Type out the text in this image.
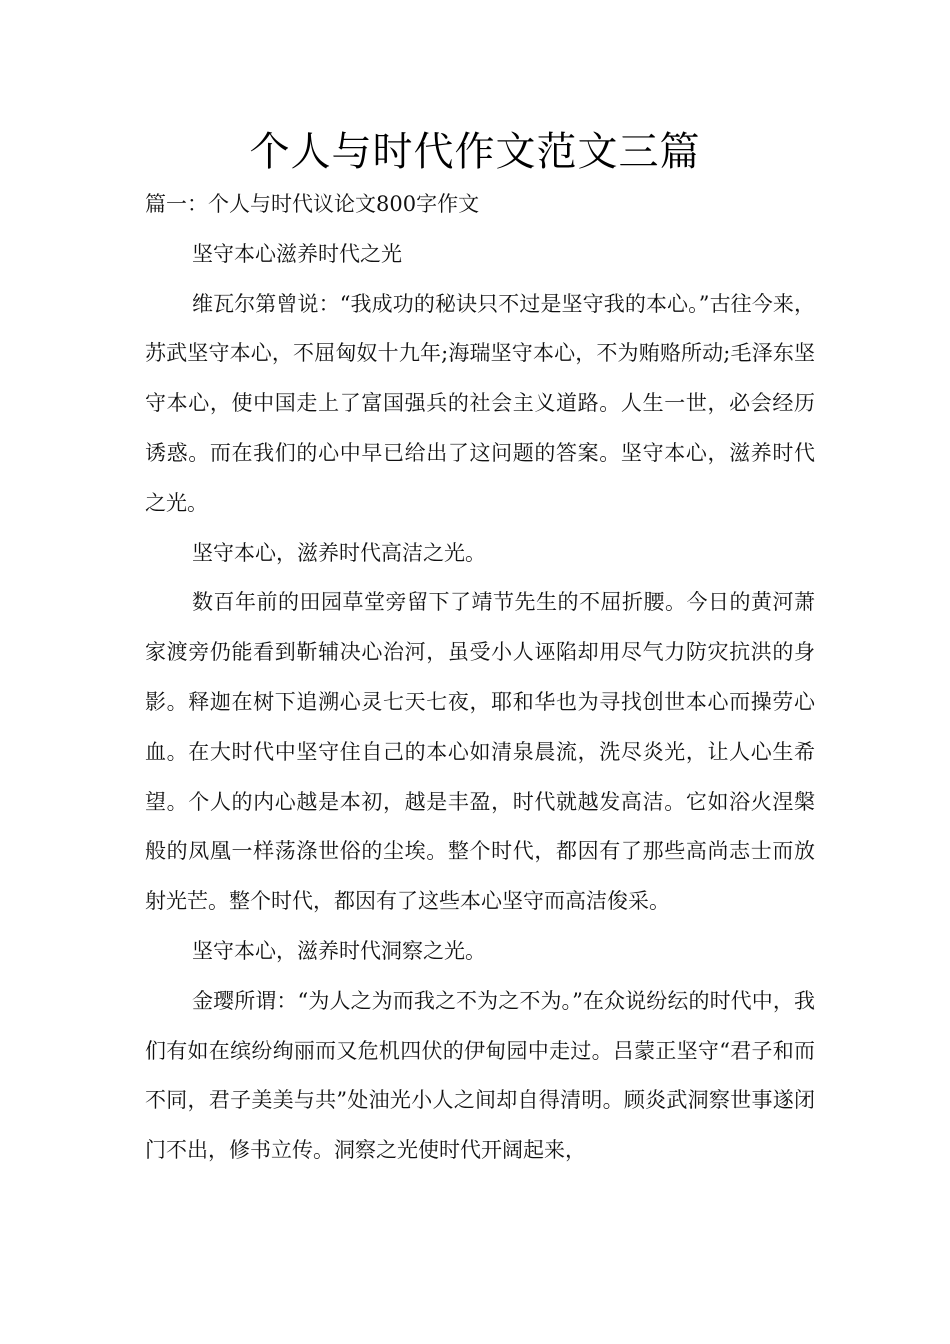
个人与时代作文范文三篇

篇一：个人与时代议论文800字作文

坚守本心滋养时代之光

维瓦尔第曾说：“我成功的秘诀只不过是坚守我的本心。”古往今来，苏武坚守本心，不屈匈奴十九年;海瑞坚守本心，不为贿赂所动;毛泽东坚守本心，使中国走上了富国强兵的社会主义道路。人生一世，必会经历诱惑。而在我们的心中早已给出了这问题的答案。坚守本心，滋养时代之光。

坚守本心，滋养时代高洁之光。

数百年前的田园草堂旁留下了靖节先生的不屈折腰。今日的黄河萧家渡旁仍能看到靳辅决心治河，虽受小人诬陷却用尽气力防灾抗洪的身影。释迦在树下追溯心灵七天七夜，耶和华也为寻找创世本心而操劳心血。在大时代中坚守住自己的本心如清泉晨流，洗尽炎光，让人心生希望。个人的内心越是本初，越是丰盈，时代就越发高洁。它如浴火涅槃般的凤凰一样荡涤世俗的尘埃。整个时代，都因有了那些高尚志士而放射光芒。整个时代，都因有了这些本心坚守而高洁俊采。

坚守本心，滋养时代洞察之光。

金璎所谓：“为人之为而我之不为之不为。”在众说纷纭的时代中，我们有如在缤纷绚丽而又危机四伏的伊甸园中走过。吕蒙正坚守“君子和而不同，君子美美与共”处油光小人之间却自得清明。顾炎武洞察世事遂闭门不出，修书立传。洞察之光使时代开阔起来，
